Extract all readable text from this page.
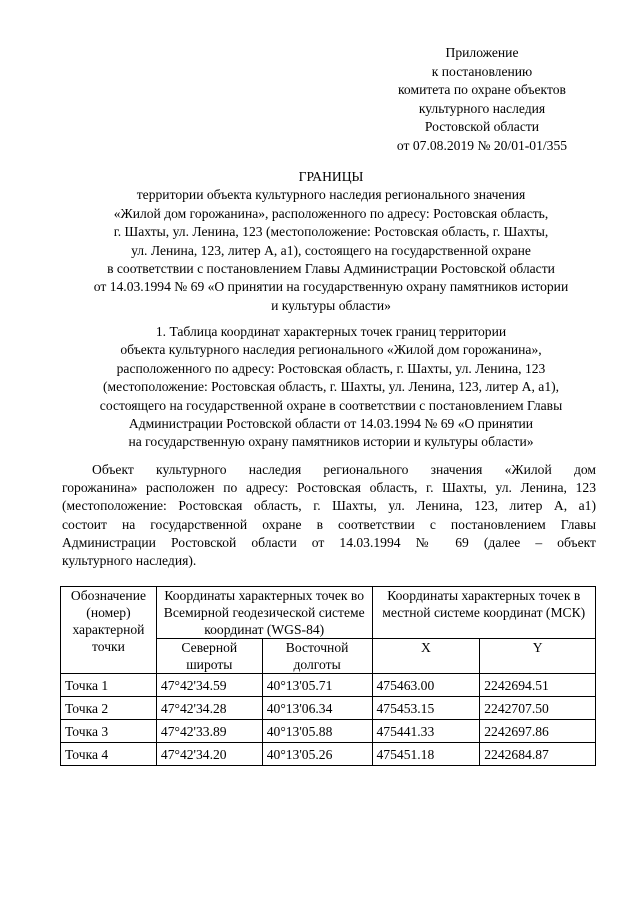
Приложение
к постановлению
комитета по охране объектов
культурного наследия
Ростовской области
от 07.08.2019 № 20/01-01/355
ГРАНИЦЫ
территории объекта культурного наследия регионального значения
«Жилой дом горожанина», расположенного по адресу: Ростовская область,
г. Шахты, ул. Ленина, 123 (местоположение: Ростовская область, г. Шахты,
ул. Ленина, 123, литер А, а1), состоящего на государственной охране
в соответствии с постановлением Главы Администрации Ростовской области
от 14.03.1994 № 69 «О принятии на государственную охрану памятников истории
и культуры области»
1. Таблица координат характерных точек границ территории
объекта культурного наследия регионального «Жилой дом горожанина»,
расположенного по адресу: Ростовская область, г. Шахты, ул. Ленина, 123
(местоположение: Ростовская область, г. Шахты, ул. Ленина, 123, литер А, а1),
состоящего на государственной охране в соответствии с постановлением Главы
Администрации Ростовской области от 14.03.1994 № 69 «О принятии
на государственную охрану памятников истории и культуры области»
Объект культурного наследия регионального значения «Жилой дом
горожанина» расположен по адресу: Ростовская область, г. Шахты, ул. Ленина, 123
(местоположение: Ростовская область, г. Шахты, ул. Ленина, 123, литер А, а1)
состоит на государственной охране в соответствии с постановлением Главы
Администрации Ростовской области от 14.03.1994 № 69 (далее – объект
культурного наследия).
Обозначение (номер) характерной точки	Координаты характерных точек во Всемирной геодезической системе координат (WGS-84)		Координаты характерных точек в местной системе координат (МСК)	
	Северной широты	Восточной долготы	X	Y
Точка 1	47°42'34.59	40°13'05.71	475463.00	2242694.51
Точка 2	47°42'34.28	40°13'06.34	475453.15	2242707.50
Точка 3	47°42'33.89	40°13'05.88	475441.33	2242697.86
Точка 4	47°42'34.20	40°13'05.26	475451.18	2242684.87
